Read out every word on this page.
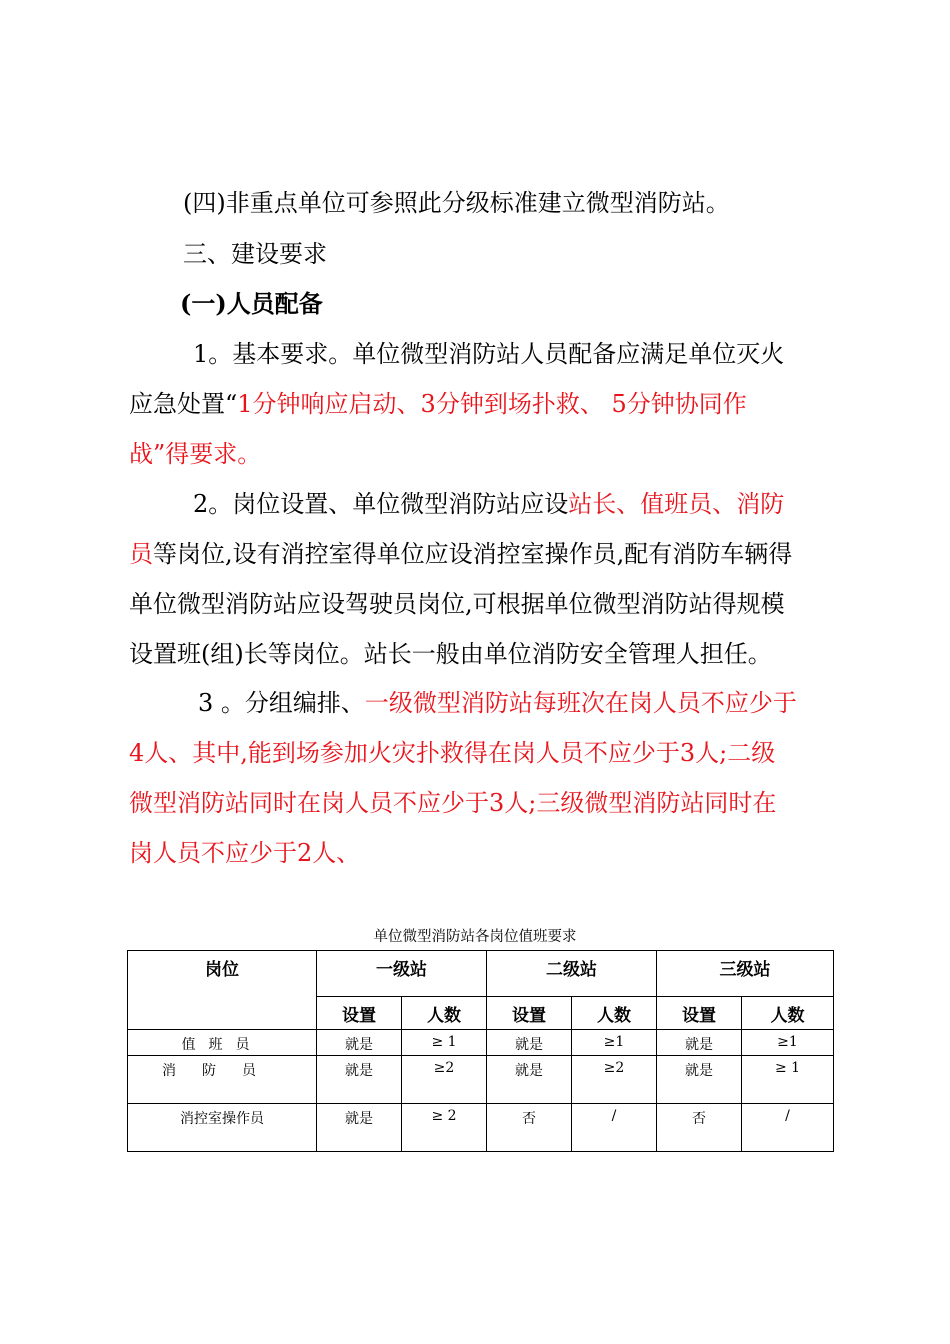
(四)非重点单位可参照此分级标准建立微型消防站。
三、建设要求
(一)人员配备
1。基本要求。单位微型消防站人员配备应满足单位灭火
应急处置“1分钟响应启动、3分钟到场扑救、 5分钟协同作
战”得要求。
2。岗位设置、单位微型消防站应设站长、值班员、消防
员等岗位,设有消控室得单位应设消控室操作员,配有消防车辆得
单位微型消防站应设驾驶员岗位,可根据单位微型消防站得规模
设置班(组)长等岗位。站长一般由单位消防安全管理人担任。
3 。分组编排、一级微型消防站每班次在岗人员不应少于
4人、其中,能到场参加火灾扑救得在岗人员不应少于3人;二级
微型消防站同时在岗人员不应少于3人;三级微型消防站同时在
岗人员不应少于2人、
单位微型消防站各岗位值班要求
岗位	一级站		二级站		三级站	
	设置	人数	设置	人数	设置	人数
值班员	就是	≥ 1	就是	≥1	就是	≥1
消防员	就是	≥2	就是	≥2	就是	≥ 1
消控室操作员	就是	≥ 2	否	/	否	/
